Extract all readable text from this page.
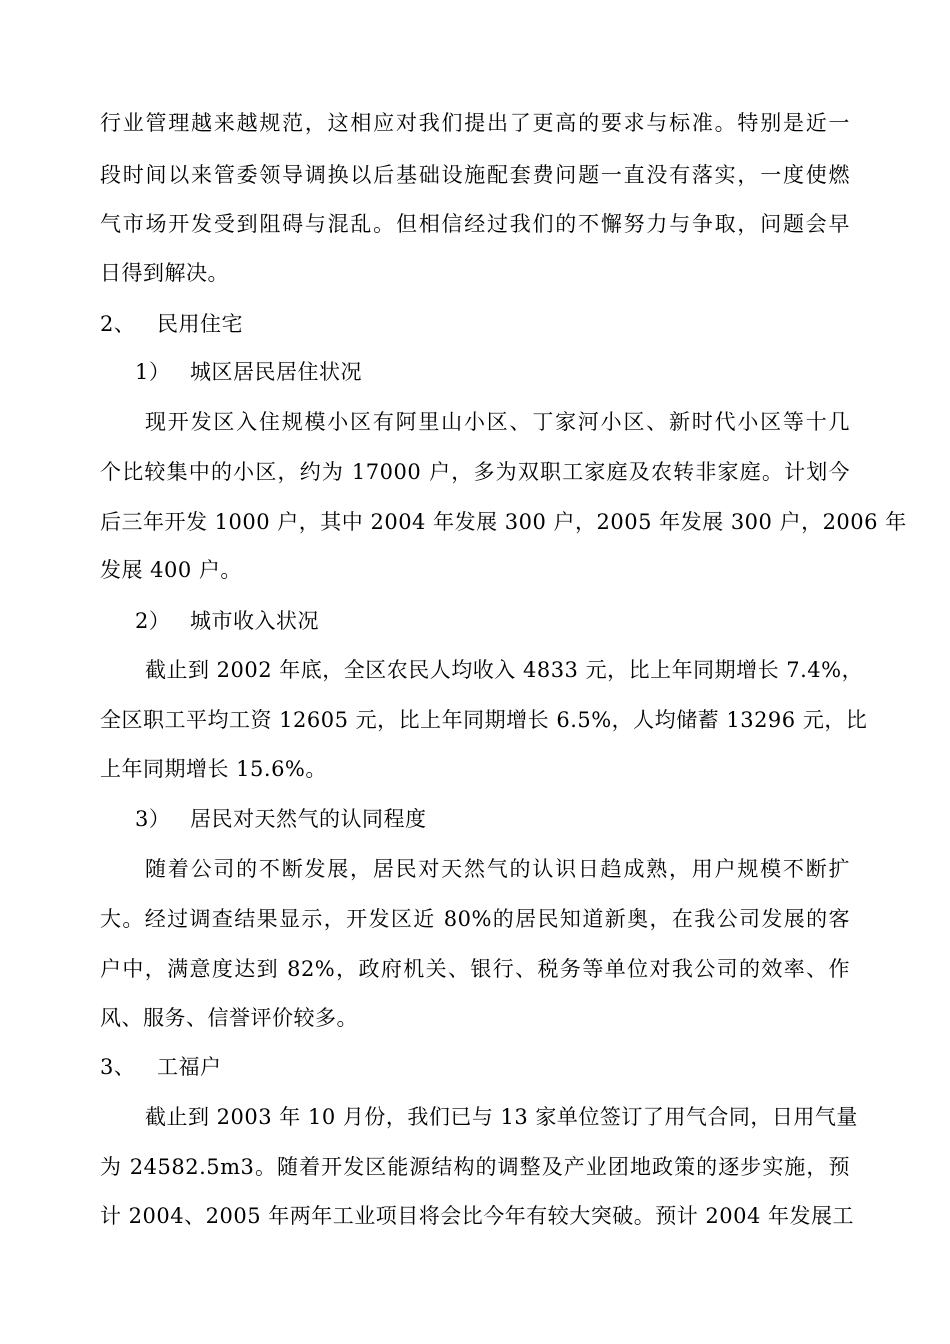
行业管理越来越规范，这相应对我们提出了更高的要求与标准。特别是近一
段时间以来管委领导调换以后基础设施配套费问题一直没有落实，一度使燃
气市场开发受到阻碍与混乱。但相信经过我们的不懈努力与争取，问题会早
日得到解决。
2、 民用住宅
1） 城区居民居住状况
现开发区入住规模小区有阿里山小区、丁家河小区、新时代小区等十几
个比较集中的小区，约为 17000 户，多为双职工家庭及农转非家庭。计划今
后三年开发 1000 户，其中 2004 年发展 300 户，2005 年发展 300 户，2006 年
发展 400 户。
2） 城市收入状况
截止到 2002 年底，全区农民人均收入 4833 元，比上年同期增长 7.4%，
全区职工平均工资 12605 元，比上年同期增长 6.5%，人均储蓄 13296 元，比
上年同期增长 15.6%。
3） 居民对天然气的认同程度
随着公司的不断发展，居民对天然气的认识日趋成熟，用户规模不断扩
大。经过调查结果显示，开发区近 80%的居民知道新奥，在我公司发展的客
户中，满意度达到 82%，政府机关、银行、税务等单位对我公司的效率、作
风、服务、信誉评价较多。
3、 工福户
截止到 2003 年 10 月份，我们已与 13 家单位签订了用气合同，日用气量
为 24582.5m3。随着开发区能源结构的调整及产业团地政策的逐步实施，预
计 2004、2005 年两年工业项目将会比今年有较大突破。预计 2004 年发展工
